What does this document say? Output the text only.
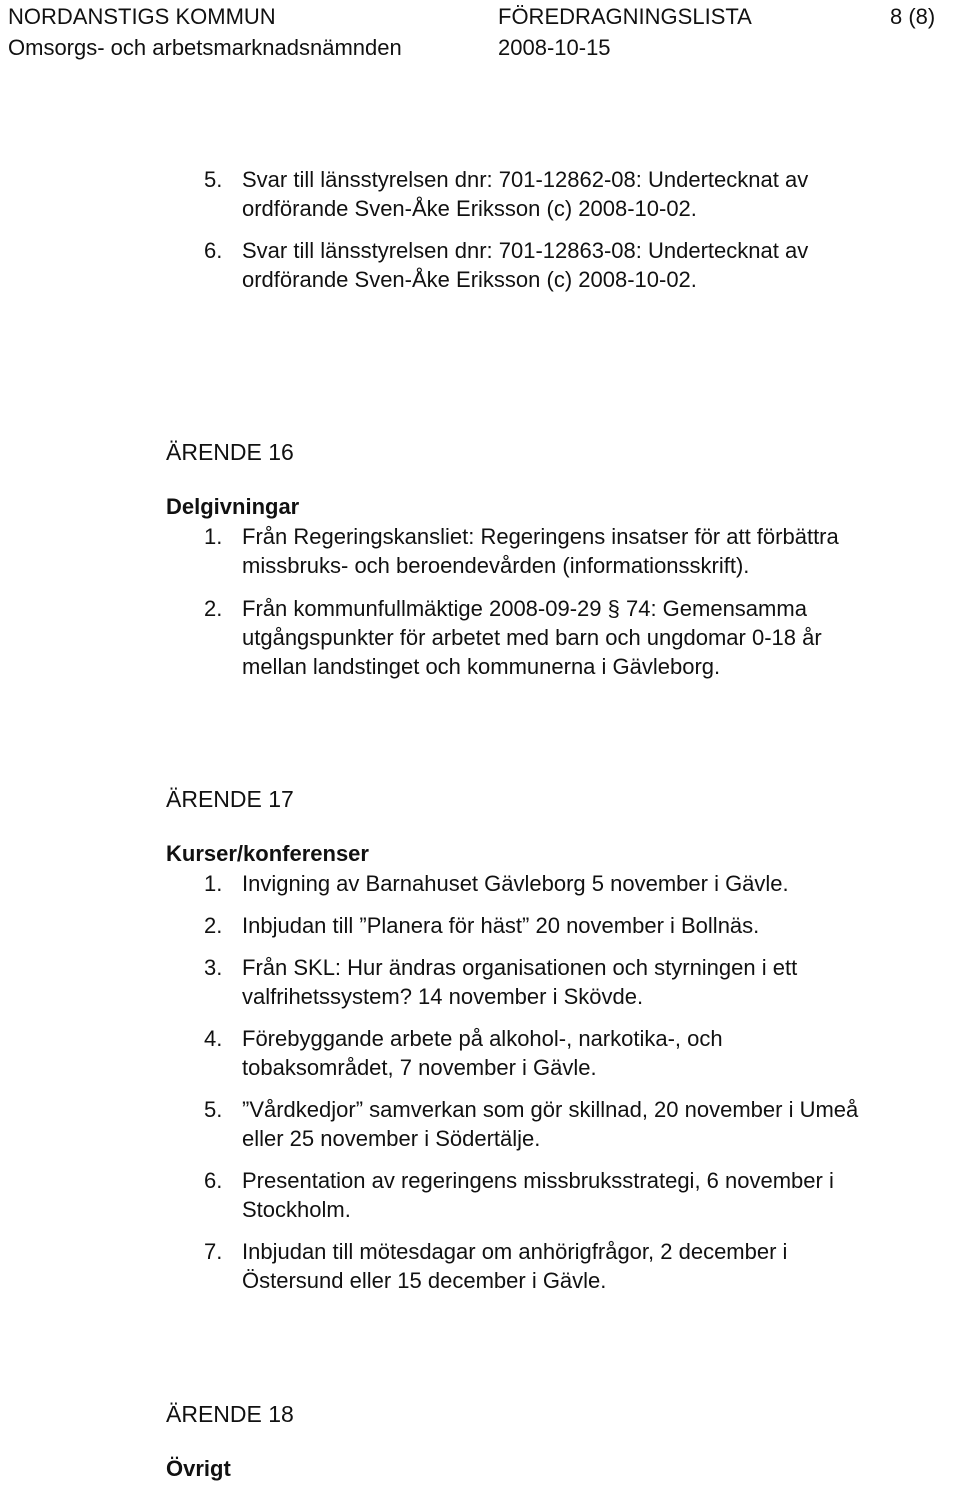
NORDANSTIGS KOMMUN	FÖREDRAGNINGSLISTA	8 (8)
Omsorgs- och arbetsmarknadsnämnden	2008-10-15
5. Svar till länsstyrelsen dnr: 701-12862-08: Undertecknat av
ordförande Sven-Åke Eriksson (c) 2008-10-02.
6. Svar till länsstyrelsen dnr: 701-12863-08: Undertecknat av
ordförande Sven-Åke Eriksson (c) 2008-10-02.
ÄRENDE 16
Delgivningar
1. Från Regeringskansliet: Regeringens insatser för att förbättra
missbruks- och beroendevården (informationsskrift).
2. Från kommunfullmäktige 2008-09-29 § 74: Gemensamma
utgångspunkter för arbetet med barn och ungdomar 0-18 år
mellan landstinget och kommunerna i Gävleborg.
ÄRENDE 17
Kurser/konferenser
1. Invigning av Barnahuset Gävleborg 5 november i Gävle.
2. Inbjudan till ”Planera för häst” 20 november i Bollnäs.
3. Från SKL: Hur ändras organisationen och styrningen i ett
valfrihetssystem? 14 november i Skövde.
4. Förebyggande arbete på alkohol-, narkotika-, och
tobaksområdet, 7 november i Gävle.
5. ”Vårdkedjor” samverkan som gör skillnad, 20 november i Umeå
eller 25 november i Södertälje.
6. Presentation av regeringens missbruksstrategi, 6 november i
Stockholm.
7. Inbjudan till mötesdagar om anhörigfrågor, 2 december i
Östersund eller 15 december i Gävle.
ÄRENDE 18
Övrigt
